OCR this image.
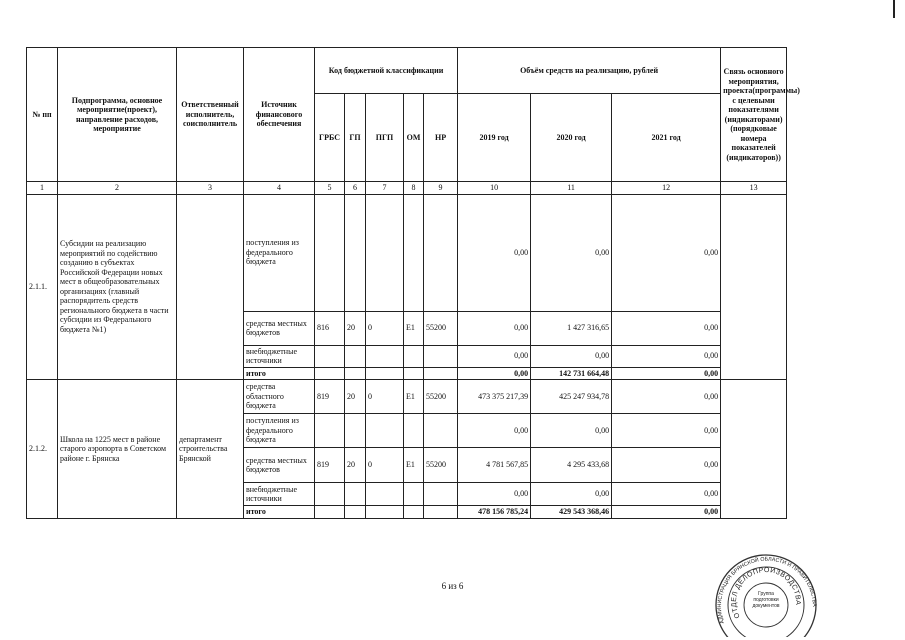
№ пп	Подпрограмма, основное мероприятие(проект), направление расходов, мероприятие	Ответственный исполнитель, соисполнитель	Источник финансового обеспечения	Код бюджетной классификации					Объём средств на реализацию, рублей			Связь основного мероприятия, проекта(программы) с целевыми показателями (индикаторами) (порядковые номера показателей (индикаторов))
				ГРБС	ГП	ПГП	ОМ	НР	2019 год	2020 год	2021 год	
1	2	3	4	5	6	7	8	9	10	11	12	13
2.1.1.	Субсидии на реализацию мероприятий по содействию созданию в субъектах Российской Федерации новых мест в общеобразовательных организациях (главный распорядитель средств регионального бюджета в части субсидии из Федерального бюджета №1)		поступления из федерального бюджета						0,00	0,00	0,00	
			средства местных бюджетов	816	20	0	E1	55200	0,00	1 427 316,65	0,00	
			внебюджетные источники						0,00	0,00	0,00	
			итого						0,00	142 731 664,48	0,00	
2.1.2.	Школа на 1225 мест в районе старого аэропорта в Советском районе г. Брянска	департамент строительства Брянской	средства областного бюджета	819	20	0	E1	55200	473 375 217,39	425 247 934,78	0,00	
			поступления из федерального бюджета						0,00	0,00	0,00	
			средства местных бюджетов	819	20	0	E1	55200	4 781 567,85	4 295 433,68	0,00	
			внебюджетные источники						0,00	0,00	0,00	
			итого						478 156 785,24	429 543 368,46	0,00	
6 из 6
АДМИНИСТРАЦИЯ БРЯНСКОЙ ОБЛАСТИ И ПРАВИТЕЛЬСТВА
ОТДЕЛ ДЕЛОПРОИЗВОДСТВА
Группа подготовки документов
